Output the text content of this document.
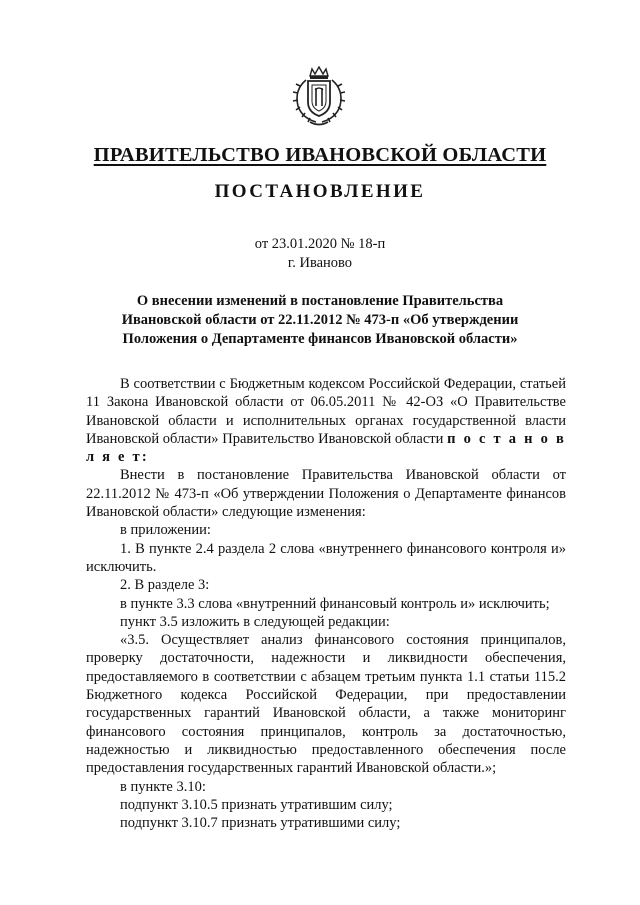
ПРАВИТЕЛЬСТВО ИВАНОВСКОЙ ОБЛАСТИ
ПОСТАНОВЛЕНИЕ
от 23.01.2020 № 18-п
г. Иваново
О внесении изменений в постановление Правительства
Ивановской области от 22.11.2012 № 473-п «Об утверждении
Положения о Департаменте финансов Ивановской области»

В соответствии с Бюджетным кодексом Российской Федерации, статьей 11 Закона Ивановской области от 06.05.2011 № 42-ОЗ «О Правительстве Ивановской области и исполнительных органах государственной власти Ивановской области» Правительство Ивановской области п о с т а н о в л я е т:

Внести в постановление Правительства Ивановской области от 22.11.2012 № 473-п «Об утверждении Положения о Департаменте финансов Ивановской области» следующие изменения:

в приложении:

1. В пункте 2.4 раздела 2 слова «внутреннего финансового контроля и» исключить.

2. В разделе 3:

в пункте 3.3 слова «внутренний финансовый контроль и» исключить;

пункт 3.5 изложить в следующей редакции:

«3.5. Осуществляет анализ финансового состояния принципалов, проверку достаточности, надежности и ликвидности обеспечения, предоставляемого в соответствии с абзацем третьим пункта 1.1 статьи 115.2 Бюджетного кодекса Российской Федерации, при предоставлении государственных гарантий Ивановской области, а также мониторинг финансового состояния принципалов, контроль за достаточностью, надежностью и ликвидностью предоставленного обеспечения после предоставления государственных гарантий Ивановской области.»;

в пункте 3.10:

подпункт 3.10.5 признать утратившим силу;

подпункт 3.10.7 признать утратившими силу;
